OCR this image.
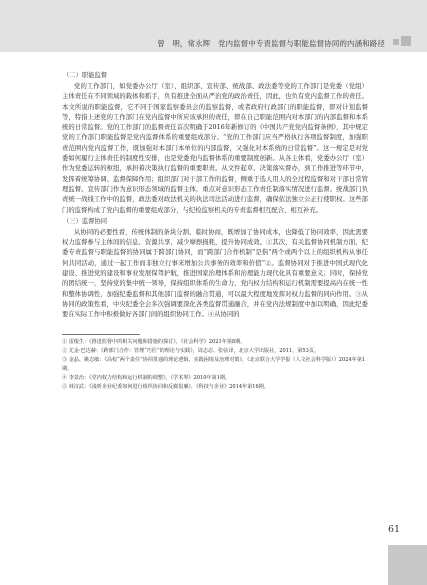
曾　明，常永辉　党内监督中专责监督与职能监督协同的内涵和路径
（二）职能监督

党的工作部门，如党委办公厅（室）、组织部、宣传部、统战部、政法委等党的工作部门是党委（党组）主体责任在不同领域的载体和抓手，负有推进全面从严治党的政治责任，因此，也负有党内监督工作的责任。本文所说的职能监督，它不同于国家监察委员会的监察监督，或者政府行政部门的职能监督，即对计划监督等，特指上述党的工作部门在党内监督中所应该承担的责任，即在自己职能范围内对本部门的内部监督和本系统的日常监督。党的工作部门的监督责任首次明确于2016年新修订的《中国共产党党内监督条例》，其中规定党的工作部门职能监督是党内监督体系的重要组成部分。“党的工作部门应当严格执行各项监督制度，加强职责范围内党内监督工作，既加强对本部门本单位的内部监督，又强化对本系统的日常监督”。这一规定是对党委如何履行主体责任的制度性安排，也是党委党内监督体系的重要制度创新。从各主体看，党委办公厅（室）作为党委运转的枢纽，承担着决策执行监督的重要职责。从文件起草、决策落实督办，到工作推进等环节中，发挥着统筹协调、监督保障作用；组织部门对干部工作的监督，侧重于选人用人的全过程监督和对干部日常管理监督。宣传部门作为意识形态领域的监督主体，重点对意识形态工作责任制落实情况进行监督。统战部门负责统一战线工作中的监督，政法委对政法机关的执法司法活动进行监督，确保依法独立公正行使职权。这些部门的监督构成了党内监督的重要组成部分，与纪检监察机关的专责监督相互配合、相互补充。

（三）监督协同

从协同的必要性看，传统体制的条块分割、临时协商，既增加了协同成本，也降低了协同效率，因此需要权力监督参与主体间的信息、资源共享，减少摩擦损耗，提升协同成效。①其次，有关监督协同机制方面，纪委专责监督与职能监督的协同属于跨部门协同，而“跨部门合作机制”是指“两个或两个以上的组织机构从事任何共同活动，通过一起工作而非独立行事来增加公共事务的效率和价值”②。监督协同对于推进中国式现代化建设、推进党的建设和事业发展保驾护航，推进国家治理体系和治理能力现代化具有重要意义；同时，保持党的团结统一，坚持党的集中统一领导，保持组织体系的生命力，党内权力结构和运行机制需要提高内在统一性和整体协调性，加强纪委监督和其他部门监督的融合贯通，可以最大程度地发挥对权力监督的同向作用。③从协同的政策性看，中央纪委全会多次强调要深化各类监督贯通融合，并在党内法规制度中加以明确，因此纪委要在实际工作中积极做好各部门间的组织协同工作。④从协同的

① 雷俊生：《推进监督中的相关问题和措施的探讨》，《社会科学》2021年第8期。

② 尤金·巴达赫：《跨部门合作：管理“巧匠”的理论与实践》，周志忍、张弦译，北京大学出版社，2011，第53页。

③ 金晶、姚志敏：《高校“两个责任”协同贯通的理论逻辑、实践困境及治理对策》，《北京联合大学学报（人文社会科学版）》2024年第1期。

④ 李景治：《党内权力结构和运行机制的调整》，《学术界》2010年第1期。

⑤ 林汉武：《浅析企业纪委如何进行组织协同和反腐倡廉》，《科技与企业》2014年第16期。

61
